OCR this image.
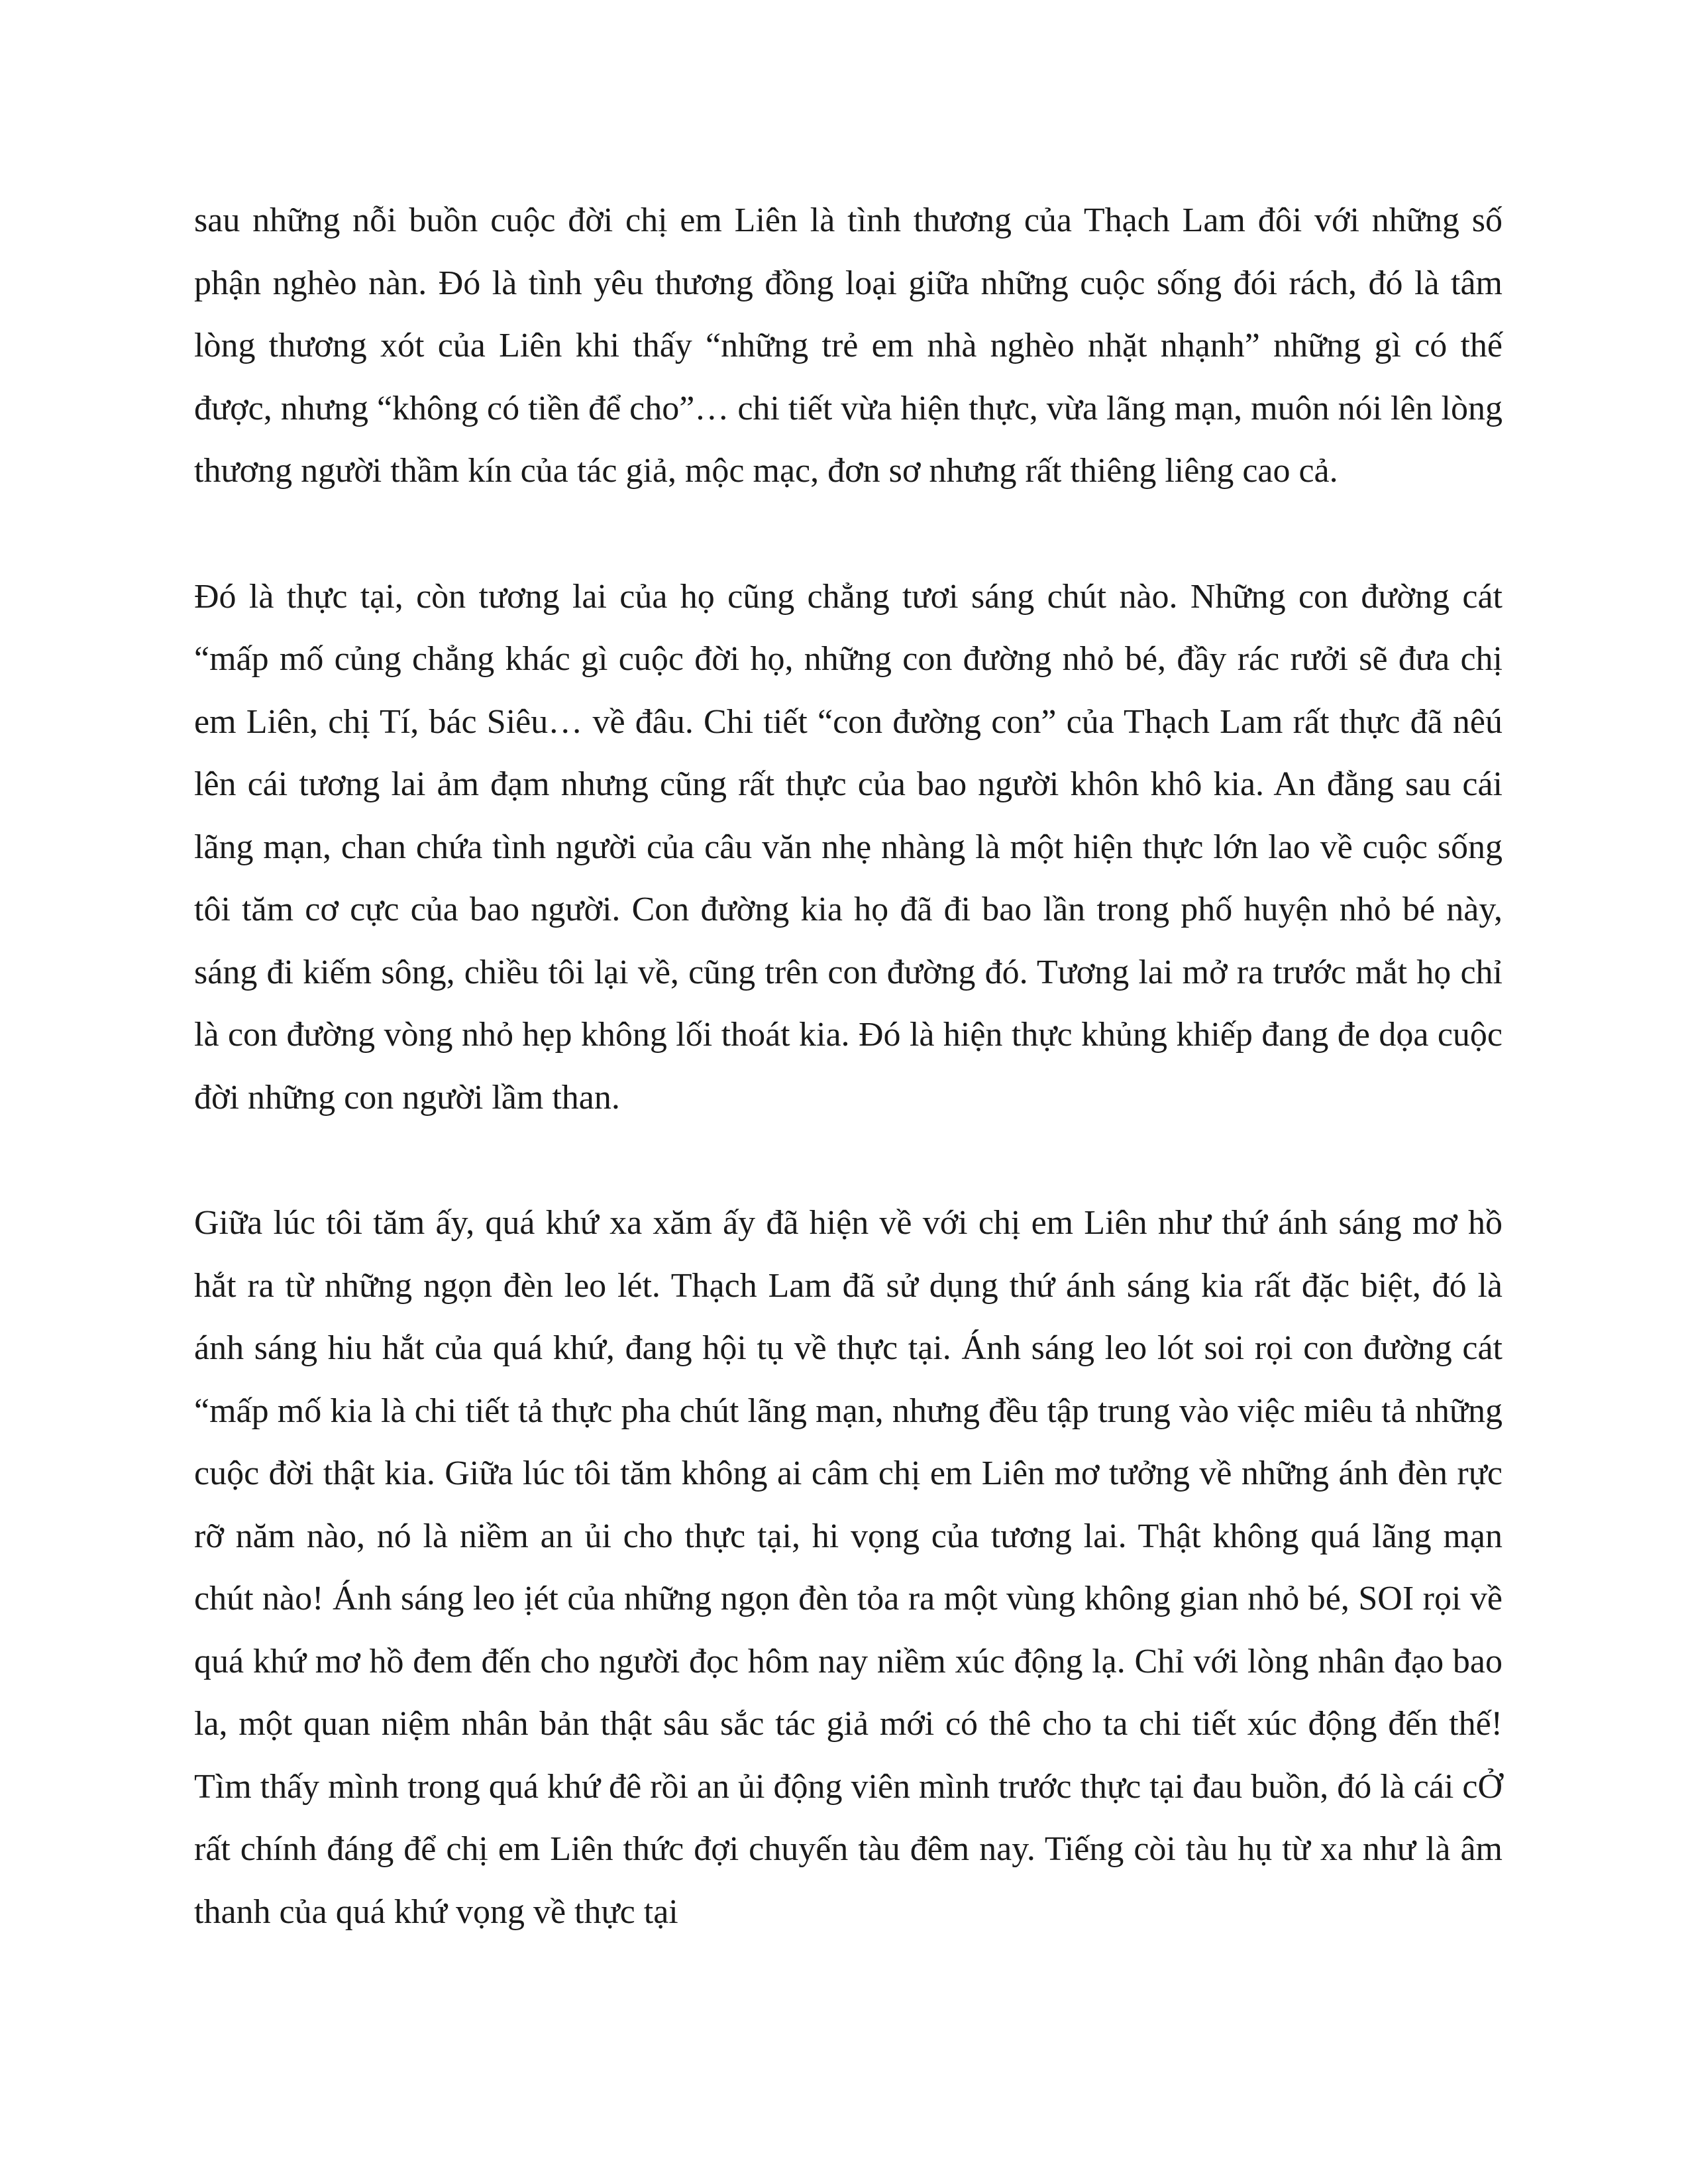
sau những nỗi buồn cuộc đời chị em Liên là tình thương của Thạch Lam đôi với những số phận nghèo nàn. Đó là tình yêu thương đồng loại giữa những cuộc sống đói rách, đó là tâm lòng thương xót của Liên khi thấy “những trẻ em nhà nghèo nhặt nhạnh” những gì có thế được, nhưng “không có tiền để cho”… chi tiết vừa hiện thực, vừa lãng mạn, muôn nói lên lòng thương người thầm kín của tác giả, mộc mạc, đơn sơ nhưng rất thiêng liêng cao cả.

Đó là thực tại, còn tương lai của họ cũng chẳng tươi sáng chút nào. Những con đường cát “mấp mố củng chẳng khác gì cuộc đời họ, những con đường nhỏ bé, đầy rác rưởi sẽ đưa chị em Liên, chị Tí, bác Siêu… về đâu. Chi tiết “con đường con” của Thạch Lam rất thực đã nêú lên cái tương lai ảm đạm nhưng cũng rất thực của bao người khôn khô kia. An đằng sau cái lãng mạn, chan chứa tình người của câu văn nhẹ nhàng là một hiện thực lớn lao về cuộc sống tôi tăm cơ cực của bao người. Con đường kia họ đã đi bao lần trong phố huyện nhỏ bé này, sáng đi kiếm sông, chiều tôi lại về, cũng trên con đường đó. Tương lai mở ra trước mắt họ chỉ là con đường vòng nhỏ hẹp không lối thoát kia. Đó là hiện thực khủng khiếp đang đe dọa cuộc đời những con người lầm than.

Giữa lúc tôi tăm ấy, quá khứ xa xăm ấy đã hiện về với chị em Liên như thứ ánh sáng mơ hồ hắt ra từ những ngọn đèn leo lét. Thạch Lam đã sử dụng thứ ánh sáng kia rất đặc biệt, đó là ánh sáng hiu hắt của quá khứ, đang hội tụ về thực tại. Ánh sáng leo lót soi rọi con đường cát “mấp mố kia là chi tiết tả thực pha chút lãng mạn, nhưng đều tập trung vào việc miêu tả những cuộc đời thật kia. Giữa lúc tôi tăm không ai câm chị em Liên mơ tưởng về những ánh đèn rực rỡ năm nào, nó là niềm an ủi cho thực tại, hi vọng của tương lai. Thật không quá lãng mạn chút nào! Ánh sáng leo ịét của những ngọn đèn tỏa ra một vùng không gian nhỏ bé, SOI rọi về quá khứ mơ hồ đem đến cho người đọc hôm nay niềm xúc động lạ. Chỉ với lòng nhân đạo bao la, một quan niệm nhân bản thật sâu sắc tác giả mới có thê cho ta chi tiết xúc động đến thế! Tìm thấy mình trong quá khứ đê rồi an ủi động viên mình trước thực tại đau buồn, đó là cái cỞ rất chính đáng để chị em Liên thức đợi chuyến tàu đêm nay. Tiếng còi tàu hụ từ xa như là âm thanh của quá khứ vọng về thực tại
